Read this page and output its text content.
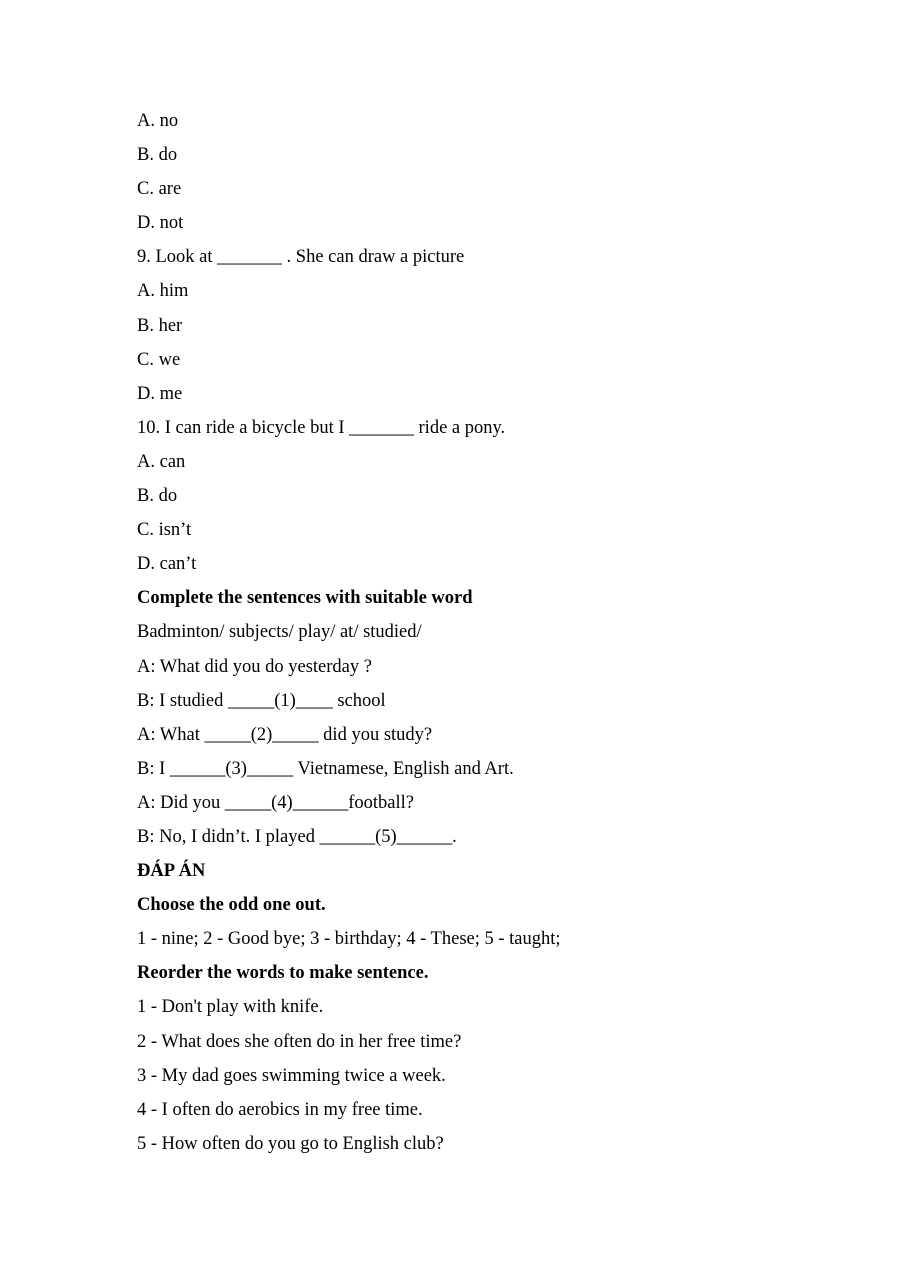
A. no
B. do
C. are
D. not
9. Look at _______ . She can draw a picture
A. him
B. her
C. we
D. me
10. I can ride a bicycle but I _______ ride a pony.
A. can
B. do
C. isn’t
D. can’t
Complete the sentences with suitable word
Badminton/ subjects/ play/ at/ studied/
A: What did you do yesterday ?
B: I studied _____(1)____ school
A: What _____(2)_____ did you study?
B: I ______(3)_____ Vietnamese, English and Art.
A: Did you _____(4)______football?
B: No, I didn’t. I played ______(5)______.
ĐÁP ÁN
Choose the odd one out.
1 - nine; 2 - Good bye; 3 - birthday; 4 - These; 5 - taught;
Reorder the words to make sentence.
1 - Don't play with knife.
2 - What does she often do in her free time?
3 - My dad goes swimming twice a week.
4 - I often do aerobics in my free time.
5 - How often do you go to English club?
